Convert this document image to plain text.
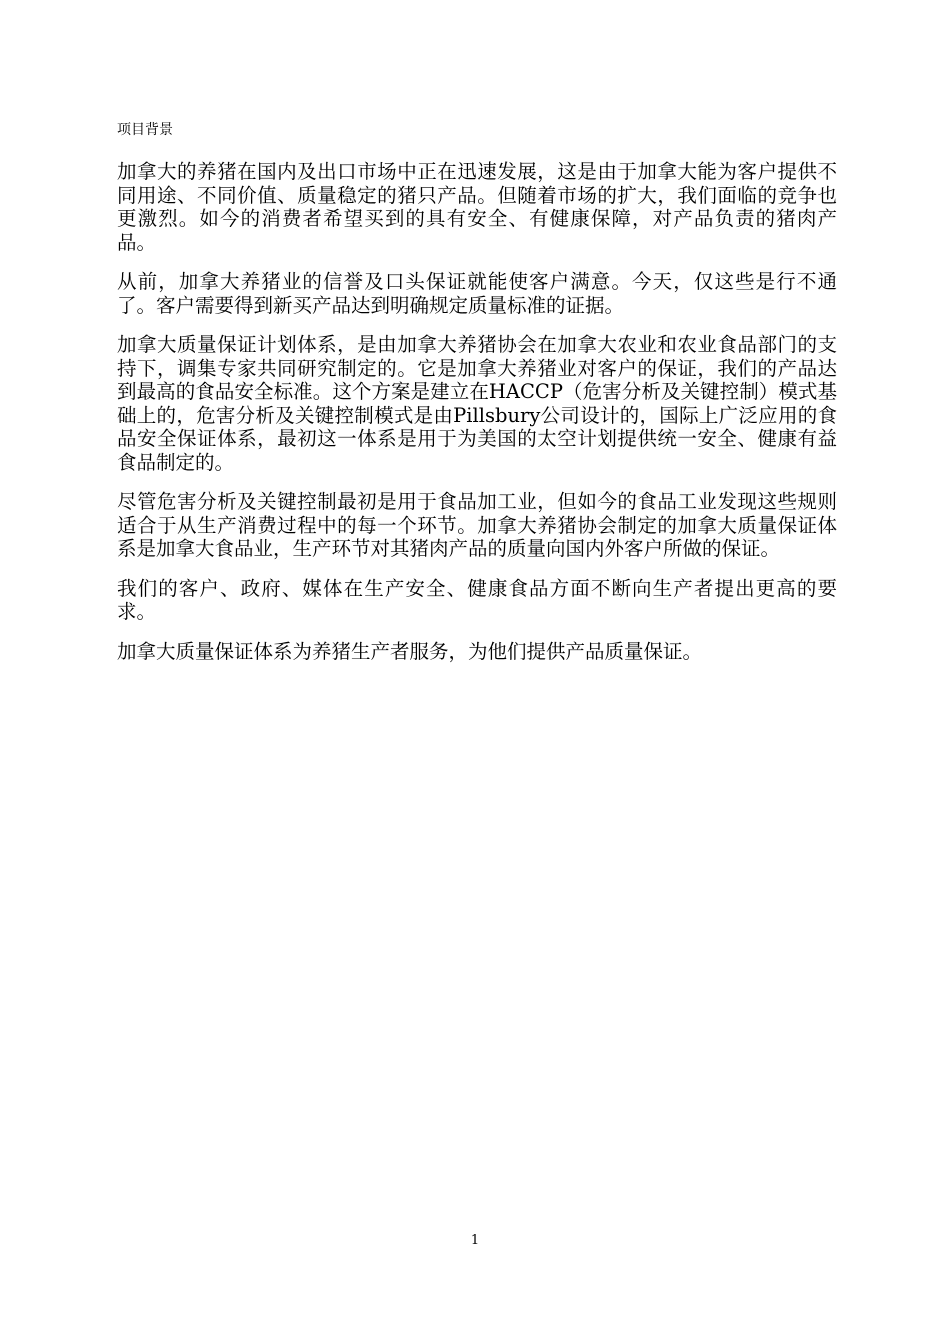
项目背景

加拿大的养猪在国内及出口市场中正在迅速发展，这是由于加拿大能为客户提供不同用途、不同价值、质量稳定的猪只产品。但随着市场的扩大，我们面临的竞争也更激烈。如今的消费者希望买到的具有安全、有健康保障，对产品负责的猪肉产品。

从前，加拿大养猪业的信誉及口头保证就能使客户满意。今天，仅这些是行不通了。客户需要得到新买产品达到明确规定质量标准的证据。

加拿大质量保证计划体系，是由加拿大养猪协会在加拿大农业和农业食品部门的支持下，调集专家共同研究制定的。它是加拿大养猪业对客户的保证，我们的产品达到最高的食品安全标准。这个方案是建立在HACCP（危害分析及关键控制）模式基础上的，危害分析及关键控制模式是由Pillsbury公司设计的，国际上广泛应用的食品安全保证体系，最初这一体系是用于为美国的太空计划提供统一安全、健康有益食品制定的。

尽管危害分析及关键控制最初是用于食品加工业，但如今的食品工业发现这些规则适合于从生产消费过程中的每一个环节。加拿大养猪协会制定的加拿大质量保证体系是加拿大食品业，生产环节对其猪肉产品的质量向国内外客户所做的保证。

我们的客户、政府、媒体在生产安全、健康食品方面不断向生产者提出更高的要求。

加拿大质量保证体系为养猪生产者服务，为他们提供产品质量保证。

1
